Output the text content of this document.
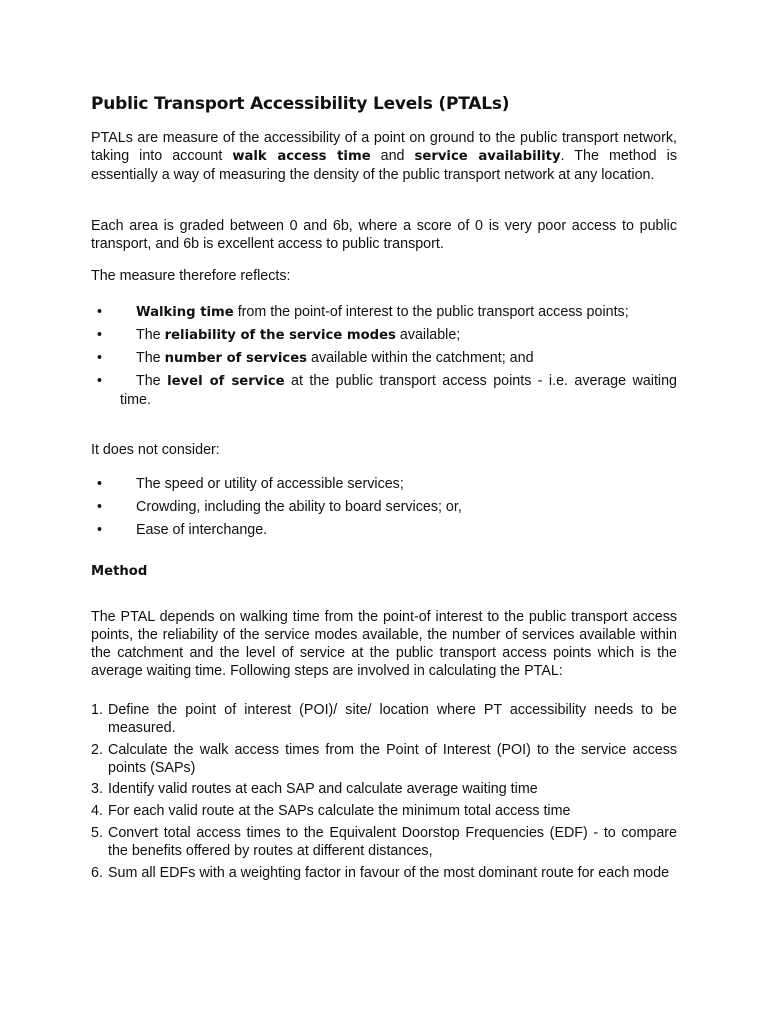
Public Transport Accessibility Levels (PTALs)

PTALs are measure of the accessibility of a point on ground to the public transport network, taking into account walk access time and service availability. The method is essentially a way of measuring the density of the public transport network at any location.

Each area is graded between 0 and 6b, where a score of 0 is very poor access to public transport, and 6b is excellent access to public transport.

The measure therefore reflects:

•	Walking time from the point-of interest to the public transport access points;
•	The reliability of the service modes available;
•	The number of services available within the catchment; and
•	The level of service at the public transport access points - i.e. average waiting time.

It does not consider:

•	The speed or utility of accessible services;
•	Crowding, including the ability to board services; or,
•	Ease of interchange.
Method

The PTAL depends on walking time from the point-of interest to the public transport access points, the reliability of the service modes available, the number of services available within the catchment and the level of service at the public transport access points which is the average waiting time. Following steps are involved in calculating the PTAL:

1. Define the point of interest (POI)/ site/ location where PT accessibility needs to be measured.
2. Calculate the walk access times from the Point of Interest (POI) to the service access points (SAPs)
3. Identify valid routes at each SAP and calculate average waiting time
4. For each valid route at the SAPs calculate the minimum total access time
5. Convert total access times to the Equivalent Doorstop Frequencies (EDF) - to compare the benefits offered by routes at different distances,
6. Sum all EDFs with a weighting factor in favour of the most dominant route for each mode
